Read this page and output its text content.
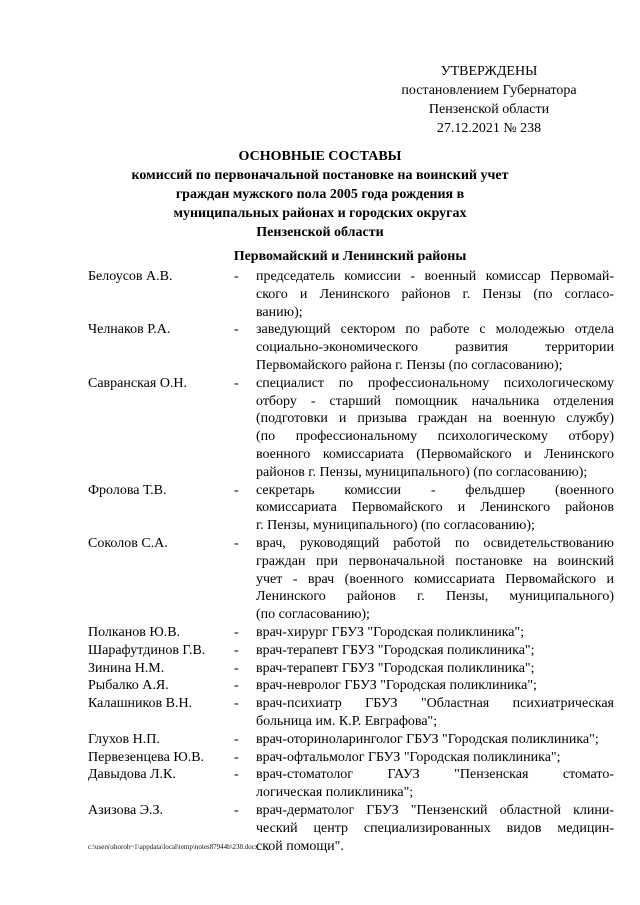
УТВЕРЖДЕНЫ
постановлением Губернатора
Пензенской области
27.12.2021 № 238
ОСНОВНЫЕ СОСТАВЫ
комиссий по первоначальной постановке на воинский учет
граждан мужского пола 2005 года рождения в
муниципальных районах и городских округах
Пензенской области
Первомайский и Ленинский районы
Белоусов А.В.	-	председатель комиссии - военный комиссар Первомай-
ского и Ленинского районов г. Пензы (по согласо-
ванию);
Челнаков Р.А.	-	заведующий сектором по работе с молодежью отдела
социально-экономического развития территории
Первомайского района г. Пензы (по согласованию);
Савранская О.Н.	-	специалист по профессиональному психологическому
отбору - старший помощник начальника отделения
(подготовки и призыва граждан на военную службу)
(по профессиональному психологическому отбору)
военного комиссариата (Первомайского и Ленинского
районов г. Пензы, муниципального) (по согласованию);
Фролова Т.В.	-	секретарь комиссии - фельдшер (военного
комиссариата Первомайского и Ленинского районов
г. Пензы, муниципального) (по согласованию);
Соколов С.А.	-	врач, руководящий работой по освидетельствованию
граждан при первоначальной постановке на воинский
учет - врач (военного комиссариата Первомайского и
Ленинского районов г. Пензы, муниципального)
(по согласованию);
Полканов Ю.В.	-	врач-хирург ГБУЗ "Городская поликлиника";
Шарафутдинов Г.В.	-	врач-терапевт ГБУЗ "Городская поликлиника";
Зинина Н.М.	-	врач-терапевт ГБУЗ "Городская поликлиника";
Рыбалко А.Я.	-	врач-невролог ГБУЗ "Городская поликлиника";
Калашников В.Н.	-	врач-психиатр ГБУЗ "Областная психиатрическая
больница им. К.Р. Евграфова";
Глухов Н.П.	-	врач-оториноларинголог ГБУЗ "Городская поликлиника";
Первезенцева Ю.В.	-	врач-офтальмолог ГБУЗ "Городская поликлиника";
Давыдова Л.К.	-	врач-стоматолог ГАУЗ "Пензенская стомато-
логическая поликлиника";
Азизова Э.З.	-	врач-дерматолог ГБУЗ "Пензенский областной клини-
ческий центр специализированных видов медицин-
ской помощи".
c:\users\shoroh~1\appdata\local\temp\notes87944b\238.docx
